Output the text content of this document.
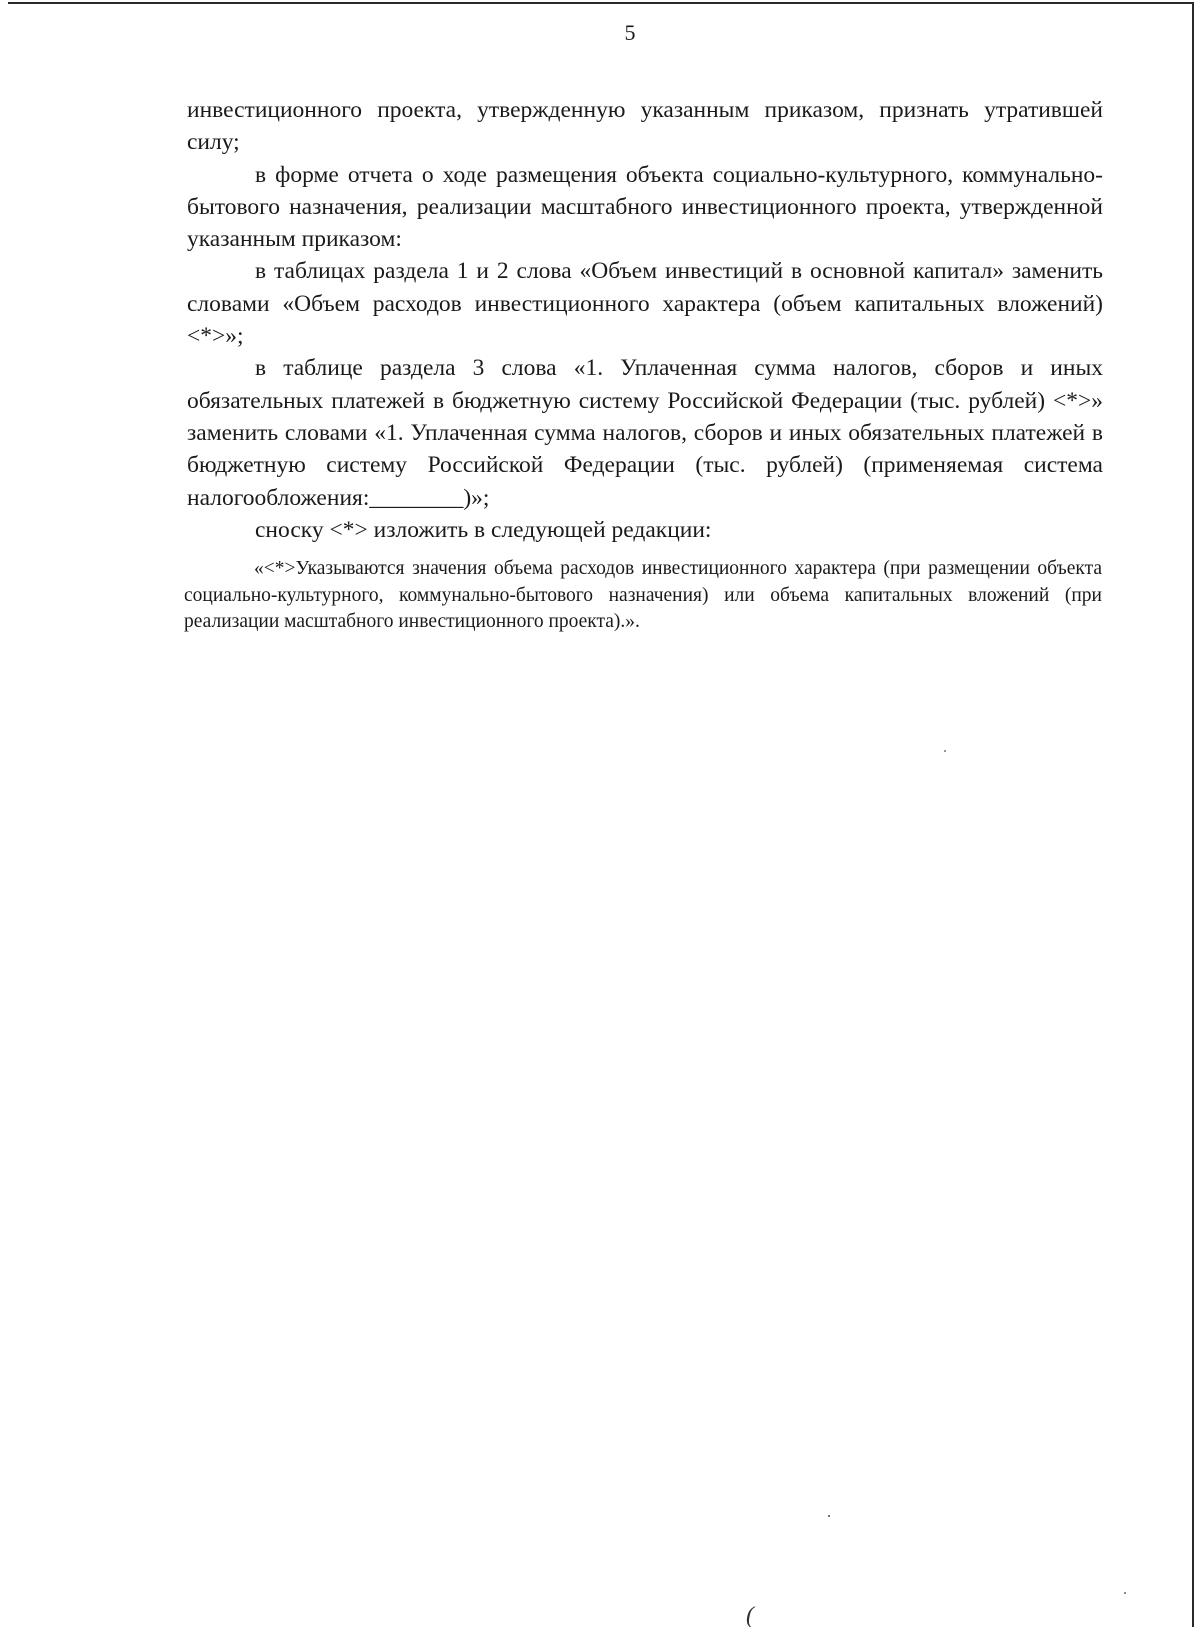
5

инвестиционного проекта, утвержденную указанным приказом, признать утратившей силу;

в форме отчета о ходе размещения объекта социально-культурного, коммунально-бытового назначения, реализации масштабного инвестиционного проекта, утвержденной указанным приказом:

в таблицах раздела 1 и 2 слова «Объем инвестиций в основной капитал» заменить словами «Объем расходов инвестиционного характера (объем капитальных вложений) <*>»;

в таблице раздела 3 слова «1. Уплаченная сумма налогов, сборов и иных обязательных платежей в бюджетную систему Российской Федерации (тыс. рублей) <*>» заменить словами «1. Уплаченная сумма налогов, сборов и иных обязательных платежей в бюджетную систему Российской Федерации (тыс. рублей) (применяемая система налогообложения:________)»;

сноску <*> изложить в следующей редакции:

«<*>Указываются значения объема расходов инвестиционного характера (при размещении объекта социально-культурного, коммунально-бытового назначения) или объема капитальных вложений (при реализации масштабного инвестиционного проекта).».

(
